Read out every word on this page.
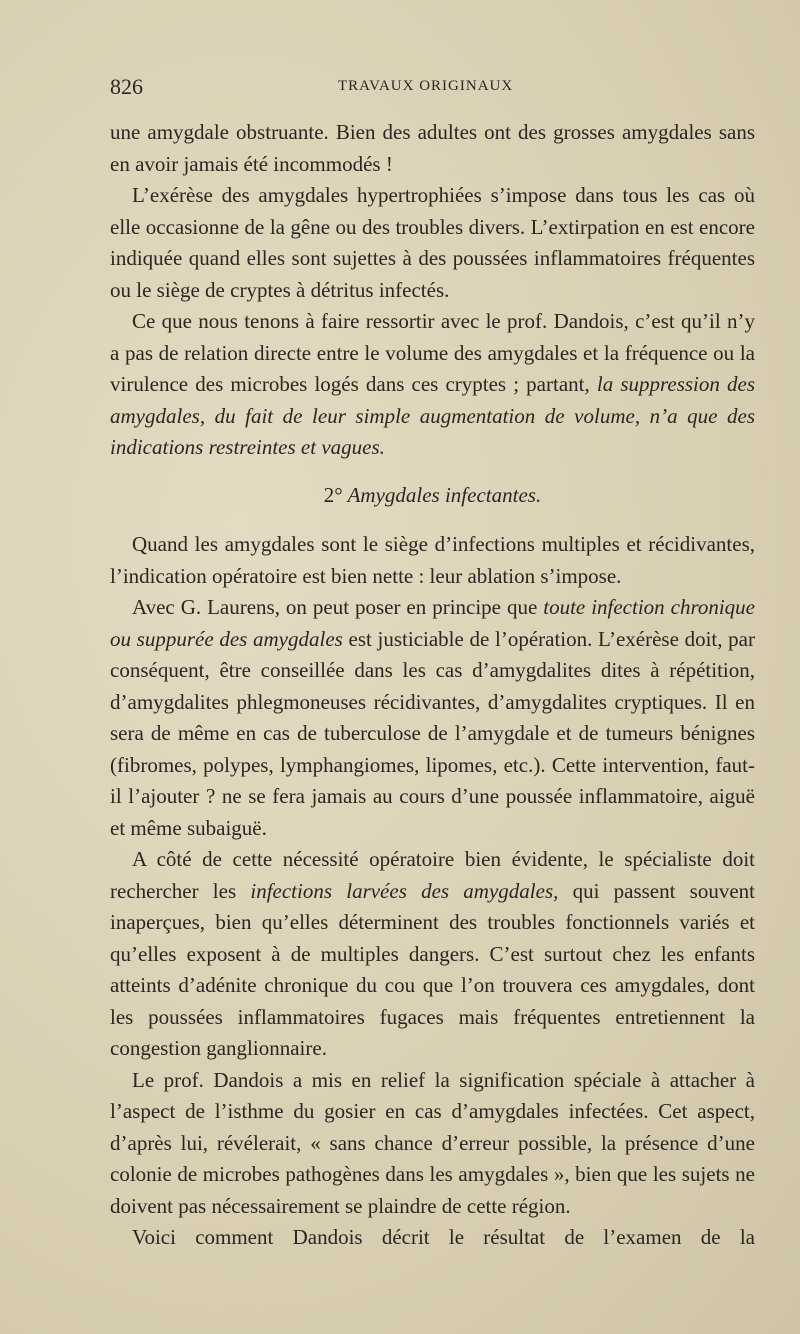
826	TRAVAUX ORIGINAUX

une amygdale obstruante. Bien des adultes ont des grosses amygdales sans en avoir jamais été incommodés !

L’exérèse des amygdales hypertrophiées s’impose dans tous les cas où elle occasionne de la gêne ou des troubles divers. L’extirpation en est encore indiquée quand elles sont sujettes à des poussées inflammatoires fréquentes ou le siège de cryptes à détritus infectés.

Ce que nous tenons à faire ressortir avec le prof. Dandois, c’est qu’il n’y a pas de relation directe entre le volume des amygdales et la fréquence ou la virulence des microbes logés dans ces cryptes ; partant, la suppression des amygdales, du fait de leur simple augmentation de volume, n’a que des indications restreintes et vagues.

2° Amygdales infectantes.

Quand les amygdales sont le siège d’infections multiples et récidivantes, l’indication opératoire est bien nette : leur ablation s’impose.

Avec G. Laurens, on peut poser en principe que toute infection chronique ou suppurée des amygdales est justiciable de l’opération. L’exérèse doit, par conséquent, être conseillée dans les cas d’amygdalites dites à répétition, d’amygdalites phlegmoneuses récidivantes, d’amygdalites cryptiques. Il en sera de même en cas de tuberculose de l’amygdale et de tumeurs bénignes (fibromes, polypes, lymphangiomes, lipomes, etc.). Cette intervention, faut-il l’ajouter ? ne se fera jamais au cours d’une poussée inflammatoire, aiguë et même subaiguë.

A côté de cette nécessité opératoire bien évidente, le spécialiste doit rechercher les infections larvées des amygdales, qui passent souvent inaperçues, bien qu’elles déterminent des troubles fonctionnels variés et qu’elles exposent à de multiples dangers. C’est surtout chez les enfants atteints d’adénite chronique du cou que l’on trouvera ces amygdales, dont les poussées inflammatoires fugaces mais fréquentes entretiennent la congestion ganglionnaire.

Le prof. Dandois a mis en relief la signification spéciale à attacher à l’aspect de l’isthme du gosier en cas d’amygdales infectées. Cet aspect, d’après lui, révélerait, « sans chance d’erreur possible, la présence d’une colonie de microbes pathogènes dans les amygdales », bien que les sujets ne doivent pas nécessairement se plaindre de cette région.

Voici comment Dandois décrit le résultat de l’examen de la
